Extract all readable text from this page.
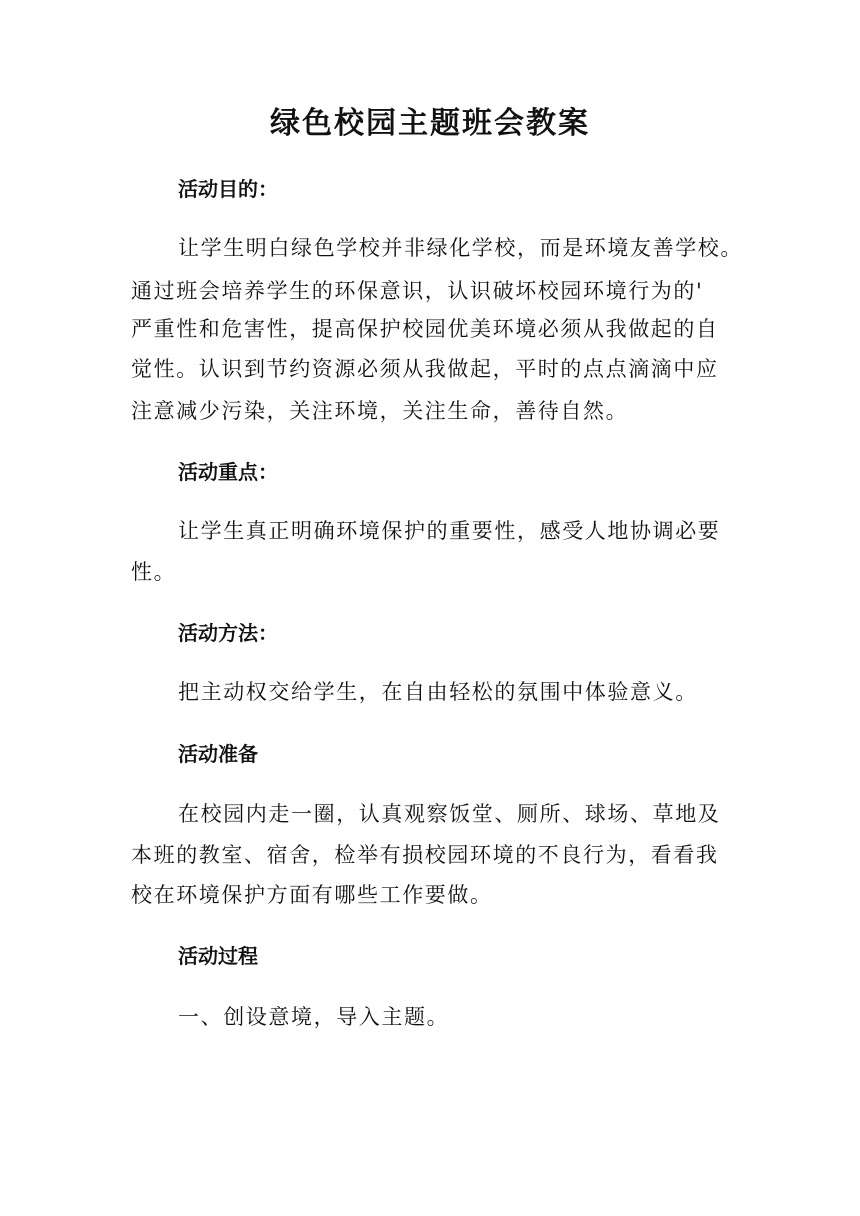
绿色校园主题班会教案
活动目的：
让学生明白绿色学校并非绿化学校，而是环境友善学校。
通过班会培养学生的环保意识，认识破坏校园环境行为的'
严重性和危害性，提高保护校园优美环境必须从我做起的自
觉性。认识到节约资源必须从我做起，平时的点点滴滴中应
注意减少污染，关注环境，关注生命，善待自然。
活动重点：
让学生真正明确环境保护的重要性，感受人地协调必要
性。
活动方法：
把主动权交给学生，在自由轻松的氛围中体验意义。
活动准备
在校园内走一圈，认真观察饭堂、厕所、球场、草地及
本班的教室、宿舍，检举有损校园环境的不良行为，看看我
校在环境保护方面有哪些工作要做。
活动过程
一、创设意境，导入主题。
